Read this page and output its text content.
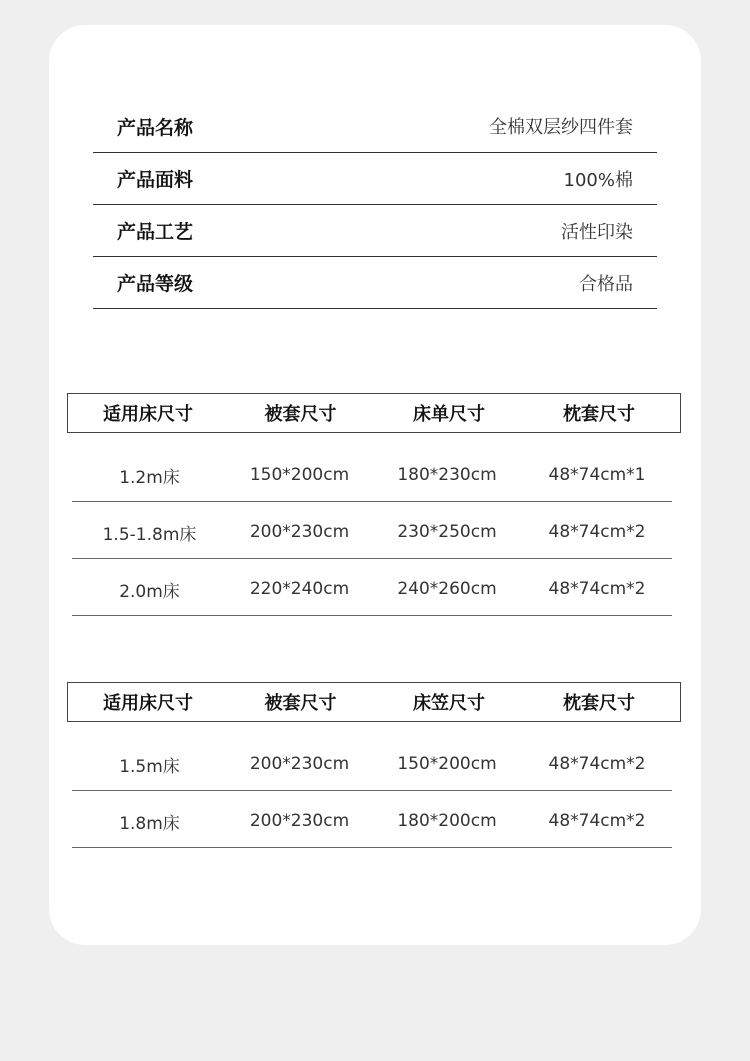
产品名称	全棉双层纱四件套
产品面料	100%棉
产品工艺	活性印染
产品等级	合格品
适用床尺寸	被套尺寸	床单尺寸	枕套尺寸
1.2m床	150*200cm	180*230cm	48*74cm*1
1.5-1.8m床	200*230cm	230*250cm	48*74cm*2
2.0m床	220*240cm	240*260cm	48*74cm*2
适用床尺寸	被套尺寸	床笠尺寸	枕套尺寸
1.5m床	200*230cm	150*200cm	48*74cm*2
1.8m床	200*230cm	180*200cm	48*74cm*2
